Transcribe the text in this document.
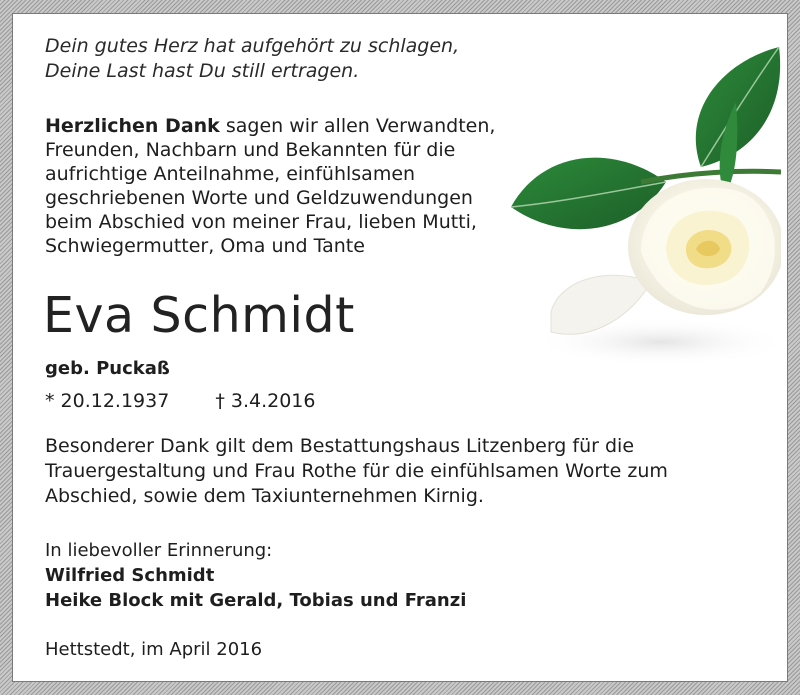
Dein gutes Herz hat aufgehört zu schlagen,
Deine Last hast Du still ertragen.
Herzlichen Dank sagen wir allen Verwandten,
Freunden, Nachbarn und Bekannten für die
aufrichtige Anteilnahme, einfühlsamen
geschriebenen Worte und Geldzuwendungen
beim Abschied von meiner Frau, lieben Mutti,
Schwiegermutter, Oma und Tante
Eva Schmidt
geb. Puckaß
* 20.12.1937 † 3.4.2016
Besonderer Dank gilt dem Bestattungshaus Litzenberg für die
Trauergestaltung und Frau Rothe für die einfühlsamen Worte zum
Abschied, sowie dem Taxiunternehmen Kirnig.
In liebevoller Erinnerung:
Wilfried Schmidt
Heike Block mit Gerald, Tobias und Franzi
Hettstedt, im April 2016
